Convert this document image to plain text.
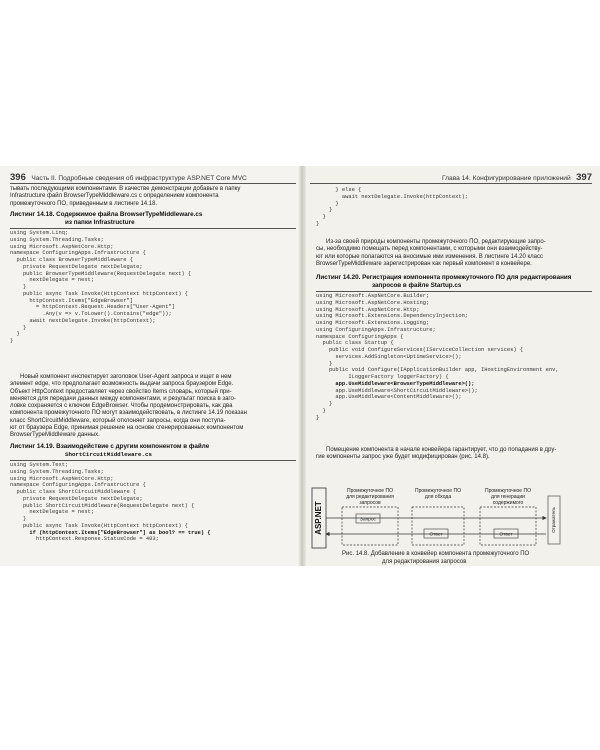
396 Часть II. Подробные сведения об инфраструктуре ASP.NET Core MVC

тывать последующими компонентами. В качестве демонстрации добавьте в папку

Infrastructure файл BrowserTypeMiddleware.cs с определением компонента

промежуточного ПО, приведенным в листинге 14.18.

Листинг 14.18. Содержимое файла BrowserTypeMiddleware.cs

из папки Infrastructure

using System.Linq;

using System.Threading.Tasks;

using Microsoft.AspNetCore.Http;

namespace ConfiguringApps.Infrastructure {

public class BrowserTypeMiddleware {

private RequestDelegate nextDelegate;

public BrowserTypeMiddleware(RequestDelegate next) {

nextDelegate = next;

}

public async Task Invoke(HttpContext httpContext) {

httpContext.Items["EdgeBrowser"]

= httpContext.Request.Headers["User-Agent"]

.Any(v => v.ToLower().Contains("edge"));

await nextDelegate.Invoke(httpContext);

}

}

}

Новый компонент инспектирует заголовок User-Agent запроса и ищет в нем

элемент edge, что предполагает возможность выдачи запроса браузером Edge.

Объект HttpContext предоставляет через свойство Items словарь, который при-

меняется для передачи данных между компонентами, и результат поиска в заго-

ловке сохраняется с ключом EdgeBrowser. Чтобы продемонстрировать, как два

компонента промежуточного ПО могут взаимодействовать, в листинге 14.19 показан

класс ShortCircuitMiddleware, который отклоняет запросы, когда они поступа-

ют от браузера Edge, принимая решение на основе сгенерированных компонентом

BrowserTypeMiddleware данных.

Листинг 14.19. Взаимодействие с другим компонентом в файле

ShortCircuitMiddleware.cs

using System.Text;

using System.Threading.Tasks;

using Microsoft.AspNetCore.Http;

namespace ConfiguringApps.Infrastructure {

public class ShortCircuitMiddleware {

private RequestDelegate nextDelegate;

public ShortCircuitMiddleware(RequestDelegate next) {

nextDelegate = next;

}

public async Task Invoke(HttpContext httpContext) {

if (httpContext.Items["EdgeBrowser"] as bool? == true) {

httpContext.Response.StatusCode = 403;

Глава 14. Конфигурирование приложений 397

} else {

await nextDelegate.Invoke(httpContext);

}

}

}

}

Из-за своей природы компоненты промежуточного ПО, редактирующие запро-

сы, необходимо помещать перед компонентами, с которыми они взаимодейству-

ют или которые полагаются на вносимые ими изменения. В листинге 14.20 класс

BrowserTypeMiddleware зарегистрирован как первый компонент в конвейере.

Листинг 14.20. Регистрация компонента промежуточного ПО для редактирования

запросов в файле Startup.cs

using Microsoft.AspNetCore.Builder;

using Microsoft.AspNetCore.Hosting;

using Microsoft.AspNetCore.Http;

using Microsoft.Extensions.DependencyInjection;

using Microsoft.Extensions.Logging;

using ConfiguringApps.Infrastructure;

namespace ConfiguringApps {

public class Startup {

public void ConfigureServices(IServiceCollection services) {

services.AddSingleton<UptimeService>();

}

public void Configure(IApplicationBuilder app, IHostingEnvironment env,

ILoggerFactory loggerFactory) {

app.UseMiddleware<BrowserTypeMiddleware>();

app.UseMiddleware<ShortCircuitMiddleware>();

app.UseMiddleware<ContentMiddleware>();

}

}

}

Помещение компонента в начале конвейера гарантирует, что до попадания в дру-

гие компоненты запрос уже будет модифицирован (рис. 14.8).

Промежуточное ПО
для редактирования
запросов
Промежуточное ПО
для обхода
Промежуточное ПО
для генерации
содержимого
ASP.NET	Запрос
Ответ	Ответ
Отражатель

Рис. 14.8. Добавление в конвейер компонента промежуточного ПО

для редактирования запросов
